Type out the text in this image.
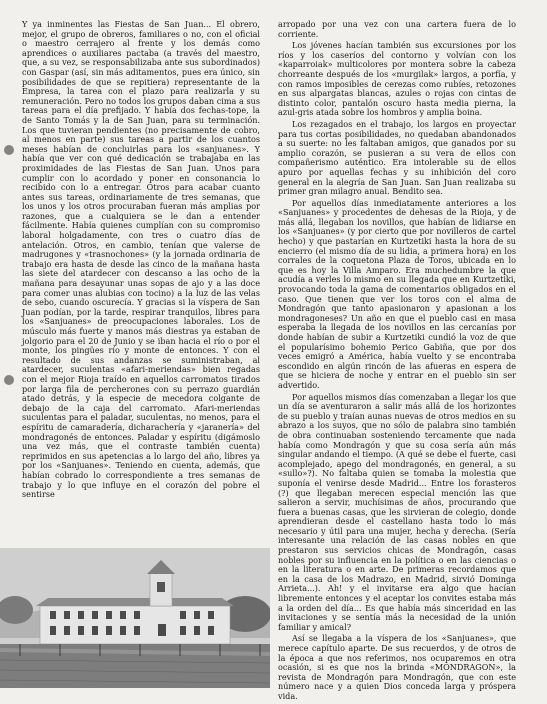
Y ya inminentes las Fiestas de San Juan... El obrero, mejor, el grupo de obreros, familiares o no, con el oficial o maestro cerrajero al frente y los demás como aprendices o auxiliares pactaba (a través del maestro, que, a su vez, se responsabilizaba ante sus subordinados) con Gaspar (así, sin más aditamentos, pues era único, sin posibilidades de que se repitiera) representante de la Empresa, la tarea con el plazo para realizarla y su remuneración. Pero no todos los grupos daban cima a sus tareas para el día prefijado. Y había dos fechas-tope, la de Santo Tomás y la de San Juan, para su terminación. Los que tuvieran pendientes (no precisamente de cobro, al menos en parte) sus tareas a partir de los cuantos meses habían de concluirlas para los «sanjuanes». Y había que ver con qué dedicación se trabajaba en las proximidades de las Fiestas de San Juan. Unos para cumplir con lo acordado y poner en consonancia lo recibido con lo a entregar. Otros para acabar cuanto antes sus tareas, ordinariamente de tres semanas, que los unos y los otros procuraban fueran más amplias por razones, que a cualquiera se le dan a entender fácilmente. Había quienes cumplían con su compromiso laboral holgadamente, con tres o cuatro días de antelación. Otros, en cambio, tenían que valerse de madrugones y «trasnochones» (y la jornada ordinaria de trabajo era hasta de desde las cinco de la mañana hasta las siete del atardecer con descanso a las ocho de la mañana para desayunar unas sopas de ajo y a las doce para comer unas alubias con tocino) a la luz de las velas de sebo, cuando oscurecía. Y gracias si la víspera de San Juan podían, por la tarde, respirar tranquilos, libres para los «Sanjuanes» de preocupaciones laborales. Los de músculo más fuerte y manos más diestras ya estaban de jolgorio para el 20 de Junio y se iban hacia el río o por el monte, los pingües río y monte de entonces. Y con el resultado de sus andanzas se suministraban, al atardecer, suculentas «afari-meriendas» bien regadas con el mejor Rioja traído en aquellos carromatos tirados por larga fila de percherones con su perrazo guardián atado detrás, y la especie de mecedora colgante de debajo de la caja del carromato. Afari-meriendas suculentas para el paladar, suculentas, no menos, para el espíritu de camaradería, dicharachería y «jaranería» del mondragonés de entonces. Paladar y espíritu (digámoslo una vez más, que el contraste también cuenta) reprimidos en sus apetencias a lo largo del año, libres ya por los «Sanjuanes». Teniendo en cuenta, además, que habían cobrado lo correspondiente a tres semanas de trabajo y lo que influye en el corazón del pobre el sentirse

arropado por una vez con una cartera fuera de lo corriente.

Los jóvenes hacían también sus excursiones por los ríos y los caseríos del contorno y volvían con los «kaparroiak» multicolores por montera sobre la cabeza chorreante después de los «murgilak» largos, a porfía, y con ramos imposibles de cerezas como rubíes, retozones en sus alpargatas blancas, azules o rojas con cintas de distinto color, pantalón oscuro hasta media pierna, la azul-gris atada sobre los hombros y amplia boina.

Los rezagados en el trabajo, los largos en proyectar para tus cortas posibilidades, no quedaban abandonados a su suerte: no les faltaban amigos, que ganados por su amplio corazón, se pusieran a su vera de ellos con compañerismo auténtico. Era intolerable su de ellos apuro por aquellas fechas y su inhibición del coro general en la alegría de San Juan. San Juan realizaba su primer gran milagro anual. Bendito sea.

Por aquellos días inmediatamente anteriores a los «Sanjuanes» y procedentes de dehesas de la Rioja, y de más allá, llegaban los novillos, que habían de lidiarse en los «Sanjuanes» (y por cierto que por novilleros de cartel hecho) y que pastarían en Kurtzetiki hasta la hora de su encierro (el mismo día de su lidia, a primera hora) en los corrales de la coquetona Plaza de Toros, ubicada en lo que es hoy la Villa Amparo. Era muchedumbre la que acudía a verles lo mismo en su llegada que en Kurtzetiki, provocando toda la gama de comentarios obligados en el caso. Que tienen que ver los toros con el alma de Mondragón que tanto apasionaron y apasionan a los mondragoneses? Un año en que el pueblo casi en masa esperaba la llegada de los novillos en las cercanías por donde habían de subir a Kurtzetiki cundió la voz de que el popularísimo bohemio Perico Gabiña, que por dos veces emigró a América, había vuelto y se encontraba escondido en algún rincón de las afueras en espera de que se hiciera de noche y entrar en el pueblo sin ser advertido.

Por aquellos mismos días comenzaban a llegar los que un día se aventuraron a salir más allá de los horizontes de su pueblo y traían aunas nuevas de otros medios en su abrazo a los suyos, que no sólo de palabra sino también de obra continuaban sosteniendo tercamente que nada había como Mondragón y que su cosa sería aún más singular andando el tiempo. (A qué se debe el fuerte, casi acomplejado, apego del mondragonés, en general, a su «sullo»?). No faltaba quien se tomaba la molestia que suponía el venirse desde Madrid... Entre los forasteros (?) que llegaban merecen especial mención las que salieron a servir, muchísimas de años, procurando que fuera a buenas casas, que les sirvieran de colegio, donde aprendieran desde el castellano hasta todo lo más necesario y útil para una mujer, hecha y derecha. (Sería interesante una relación de las casas nobles en que prestaron sus servicios chicas de Mondragón, casas nobles por su influencia en la política o en las ciencias o en la literatura o en arte. De primeras recordamos que en la casa de los Madrazo, en Madrid, sirvió Dominga Arrieta...). Ah! y el invitarse era algo que hacían libremente entonces y el aceptar los convites estaba más a la orden del día... Es que había más sinceridad en las invitaciones y se sentía más la necesidad de la unión familiar y amical?

Así se llegaba a la víspera de los «Sanjuanes», que merece capítulo aparte. De sus recuerdos, y de otros de la época a que nos referimos, nos ocuparemos en otra ocasión, si es que nos la brinda «MONDRAGON», la revista de Mondragón para Mondragón, que con este número nace y a quien Dios conceda larga y próspera vida.
